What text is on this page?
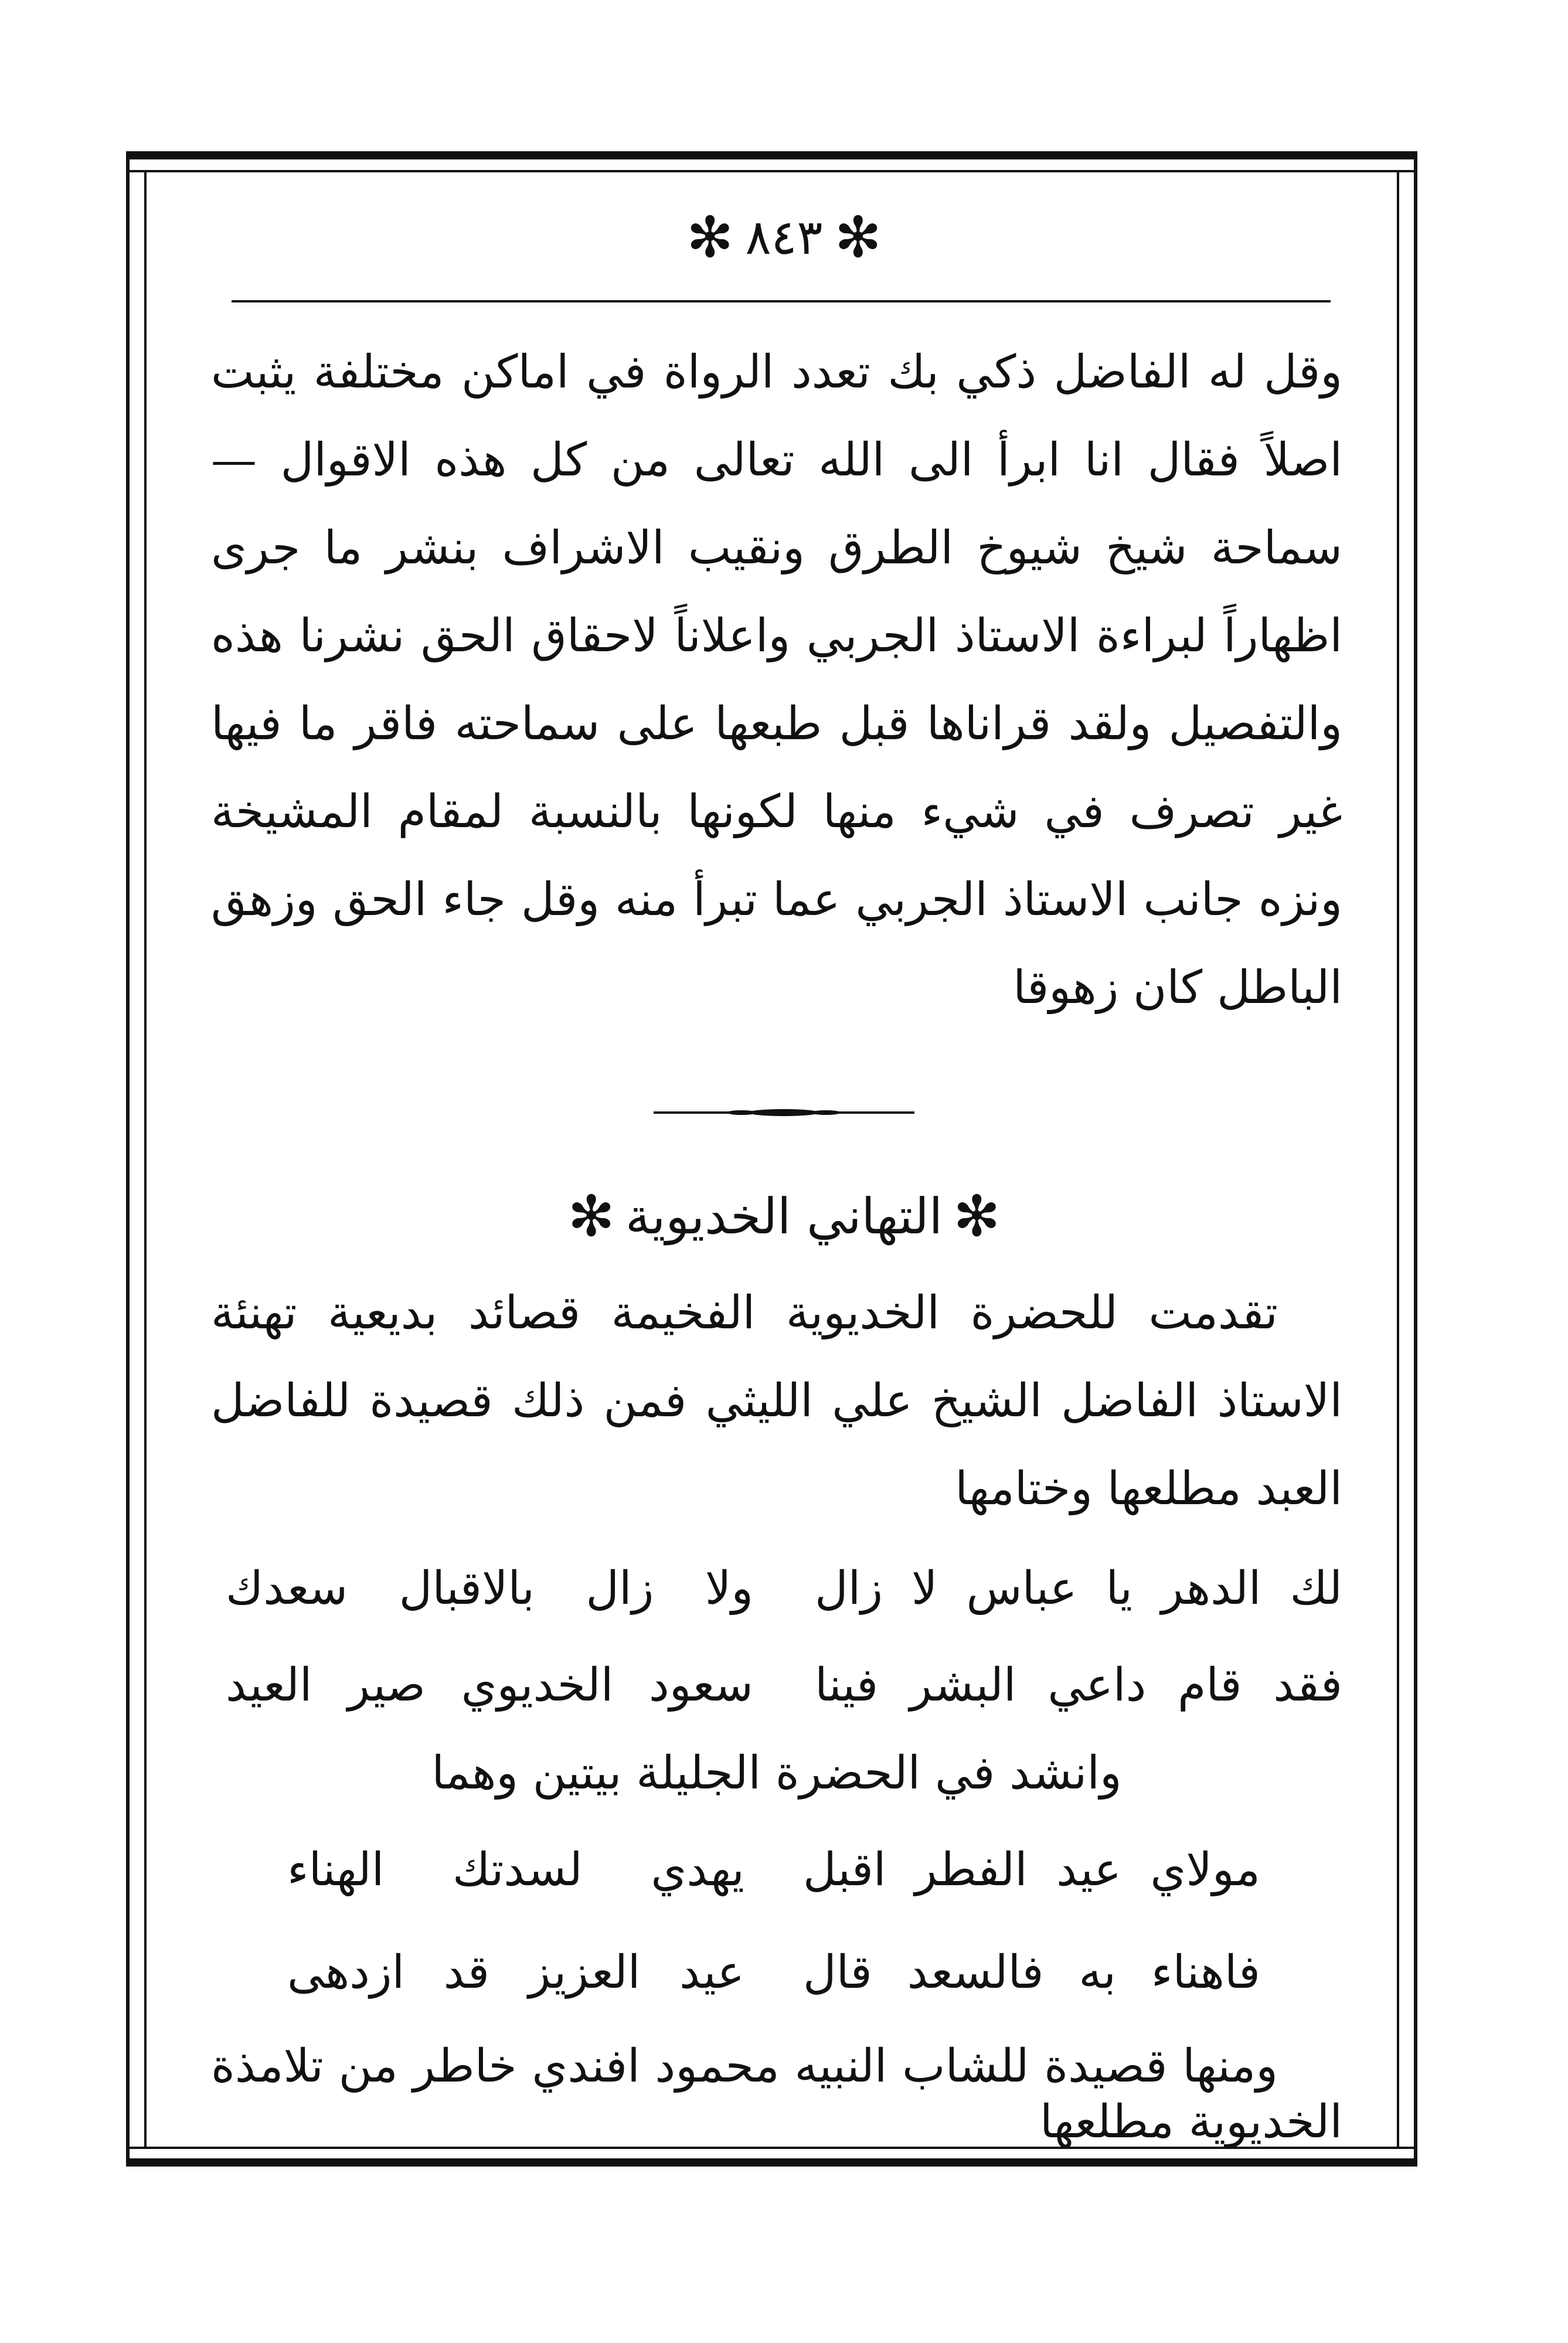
✻
٨٤٣
✻
وقل له الفاضل ذكي بك تعدد الرواة في اماكن مختلفة يثبت
اصلاً فقال انا ابرأ الى الله تعالى من كل هذه الاقوال —
سماحة شيخ شيوخ الطرق ونقيب الاشراف بنشر ما جرى
اظهاراً لبراءة الاستاذ الجربي واعلاناً لاحقاق الحق نشرنا هذه
والتفصيل ولقد قراناها قبل طبعها على سماحته فاقر ما فيها
غير تصرف في شيء منها لكونها بالنسبة لمقام المشيخة
ونزه جانب الاستاذ الجربي عما تبرأ منه وقل جاء الحق وزهق
الباطل كان زهوقا
✻
التهاني الخديوية
✻
تقدمت للحضرة الخديوية الفخيمة قصائد بديعية تهنئة
الاستاذ الفاضل الشيخ علي الليثي فمن ذلك قصيدة للفاضل
العبد مطلعها وختامها
لك الدهر يا عباس لا زال
ولا زال بالاقبال سعدك
فقد قام داعي البشر فينا
سعود الخديوي صير العيد
وانشد في الحضرة الجليلة بيتين وهما
مولاي عيد الفطر اقبل
يهدي لسدتك الهناء
فاهناء به فالسعد قال
عيد العزيز قد ازدهى
ومنها قصيدة للشاب النبيه محمود افندي خاطر من تلامذة
الخديوية مطلعها
